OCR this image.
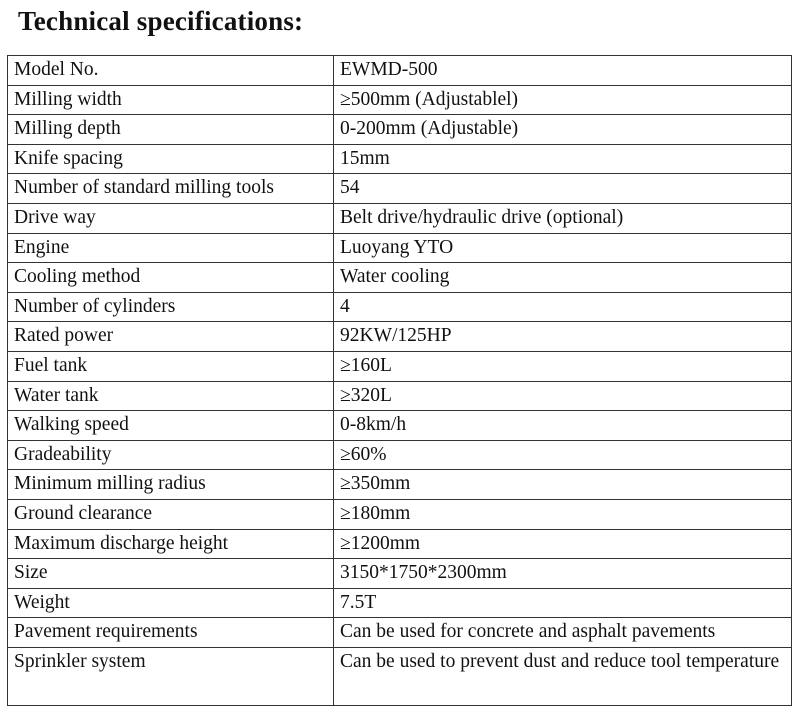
Technical specifications:
Model No.	EWMD-500
Milling width	≥500mm (Adjustablel)
Milling depth	0-200mm (Adjustable)
Knife spacing	15mm
Number of standard milling tools	54
Drive way	Belt drive/hydraulic drive (optional)
Engine	Luoyang YTO
Cooling method	Water cooling
Number of cylinders	4
Rated power	92KW/125HP
Fuel tank	≥160L
Water tank	≥320L
Walking speed	0-8km/h
Gradeability	≥60%
Minimum milling radius	≥350mm
Ground clearance	≥180mm
Maximum discharge height	≥1200mm
Size	3150*1750*2300mm
Weight	7.5T
Pavement requirements	Can be used for concrete and asphalt pavements
Sprinkler system	Can be used to prevent dust and reduce tool temperature
